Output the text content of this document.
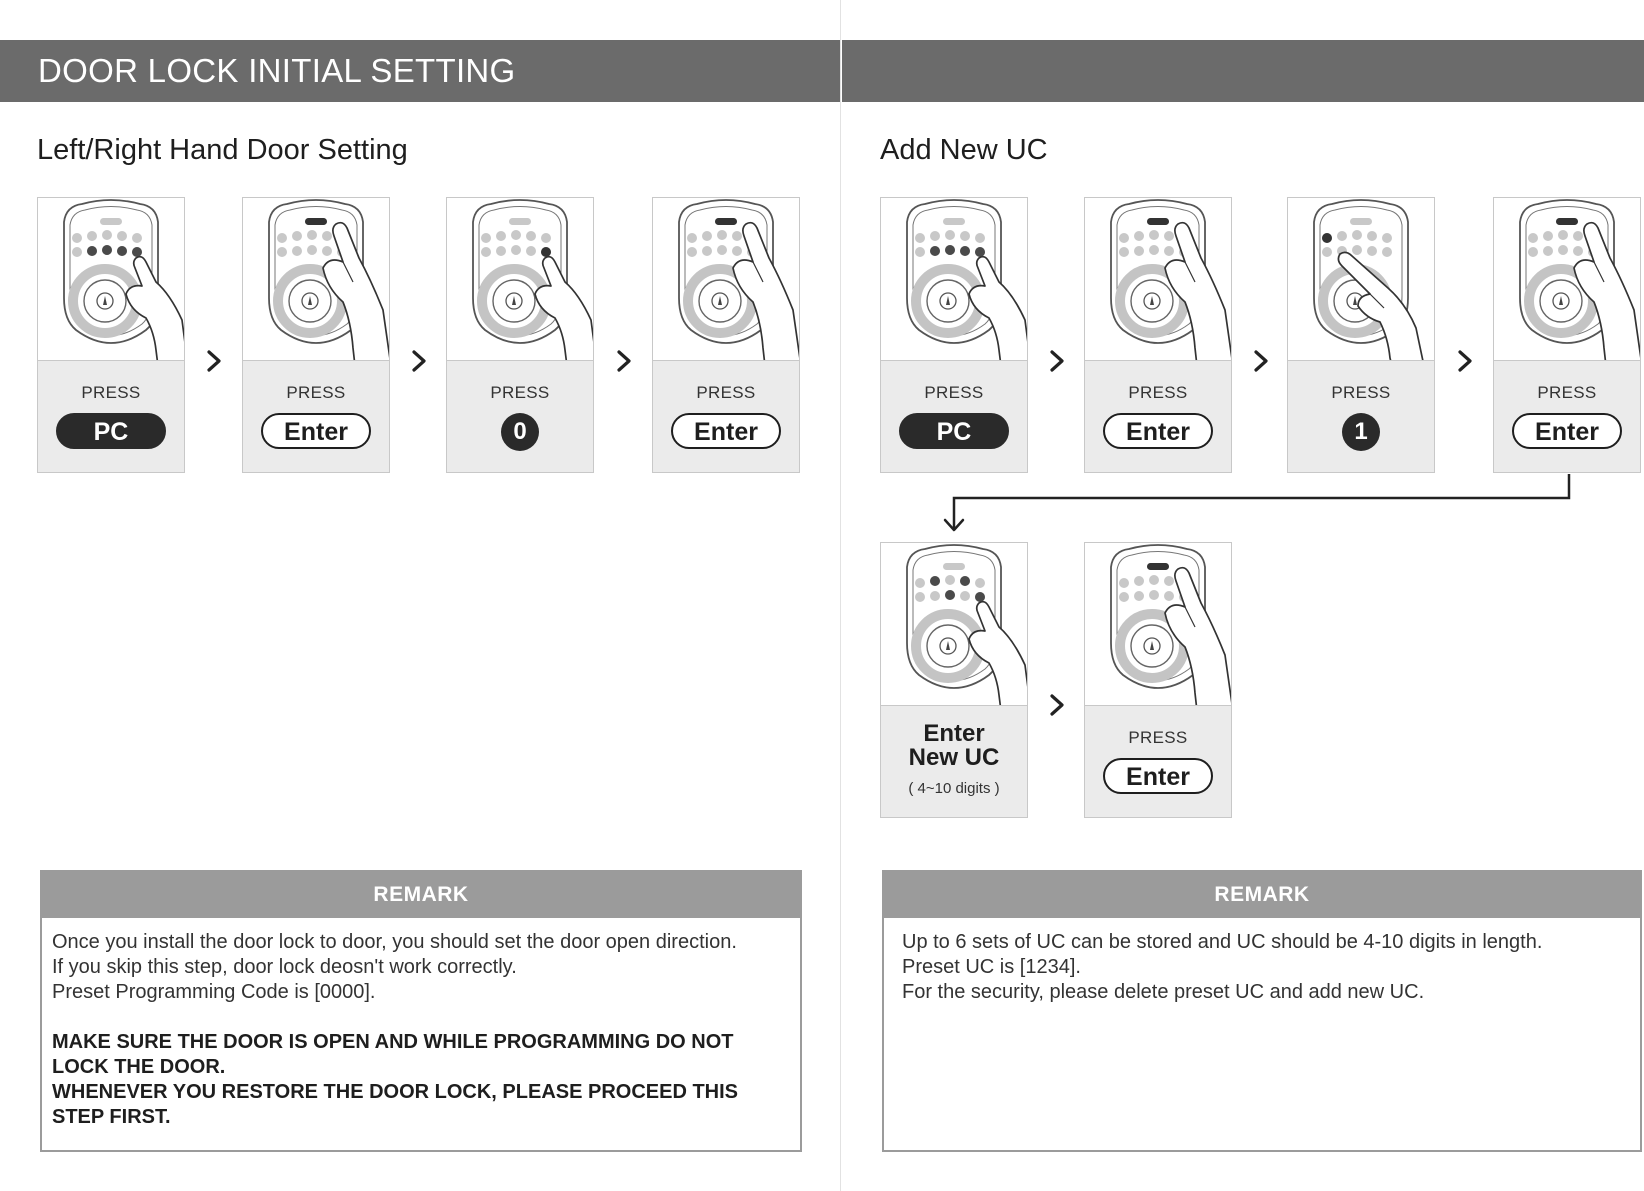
DOOR LOCK INITIAL SETTING
Left/Right Hand Door Setting	Add New UC
PRESS
PC
PRESS
Enter
PRESS
0
PRESS
Enter
PRESS
PC
PRESS
Enter
PRESS
1
PRESS
Enter
Enter
New UC
( 4~10 digits )
PRESS
Enter
REMARK
Once you install the door lock to door, you should set the door open direction.
If you skip this step, door lock deosn't work correctly.
Preset Programming Code is [0000].
MAKE SURE THE DOOR IS OPEN AND WHILE PROGRAMMING DO NOT LOCK THE DOOR.
WHENEVER YOU RESTORE THE DOOR LOCK, PLEASE PROCEED THIS STEP FIRST.
REMARK
Up to 6 sets of UC can be stored and UC should be 4-10 digits in length.
Preset UC is [1234].
For the security, please delete preset UC and add new UC.
